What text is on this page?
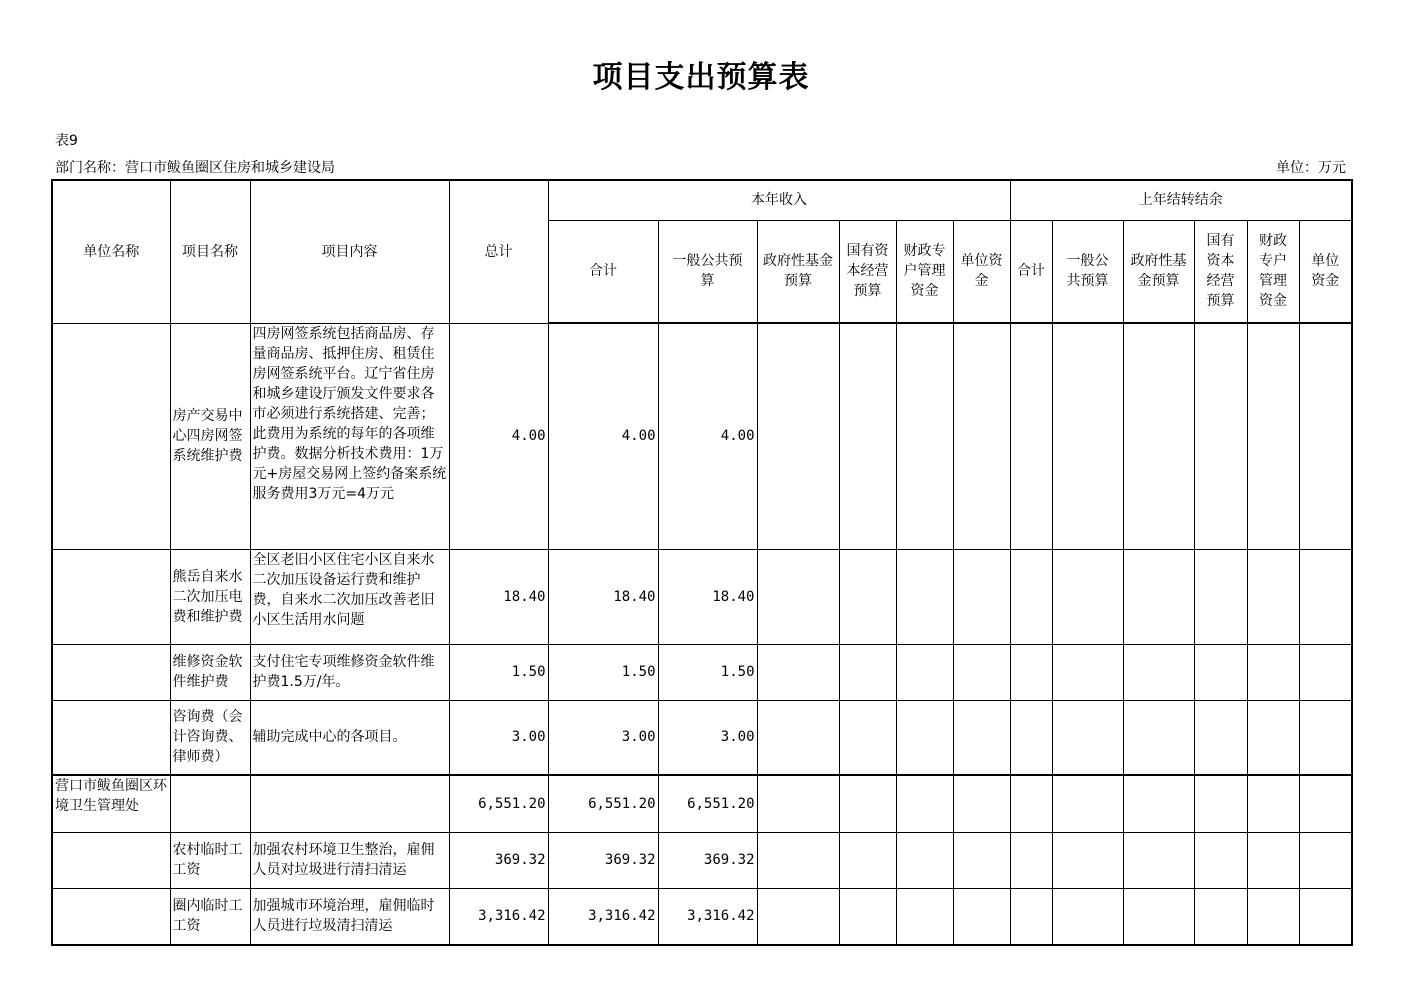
项目支出预算表
表9
部门名称：营口市鲅鱼圈区住房和城乡建设局	单位：万元
单位名称	项目名称	项目内容	总计	本年收入						上年结转结余					
				合计	一般公共预算	政府性基金预算	国有资本经营预算	财政专户管理资金	单位资金	合计	一般公共预算	政府性基金预算	国有资本经营预算	财政专户管理资金	单位资金

	房产交易中心四房网签系统维护费	四房网签系统包括商品房、存量商品房、抵押住房、租赁住房网签系统平台。辽宁省住房和城乡建设厅颁发文件要求各市必须进行系统搭建、完善；此费用为系统的每年的各项维护费。数据分析技术费用：1万元+房屋交易网上签约备案系统服务费用3万元=4万元	4.00	4.00	4.00										

	熊岳自来水二次加压电费和维护费	全区老旧小区住宅小区自来水二次加压设备运行费和维护费，自来水二次加压改善老旧小区生活用水问题	18.40	18.40	18.40										

	维修资金软件维护费	支付住宅专项维修资金软件维护费1.5万/年。	1.50	1.50	1.50										

	咨询费（会计咨询费、律师费）	辅助完成中心的各项目。	3.00	3.00	3.00										

营口市鲅鱼圈区环境卫生管理处			6,551.20	6,551.20	6,551.20										

	农村临时工工资	加强农村环境卫生整治，雇佣人员对垃圾进行清扫清运	369.32	369.32	369.32										

	圈内临时工工资	加强城市环境治理，雇佣临时人员进行垃圾清扫清运	3,316.42	3,316.42	3,316.42										
